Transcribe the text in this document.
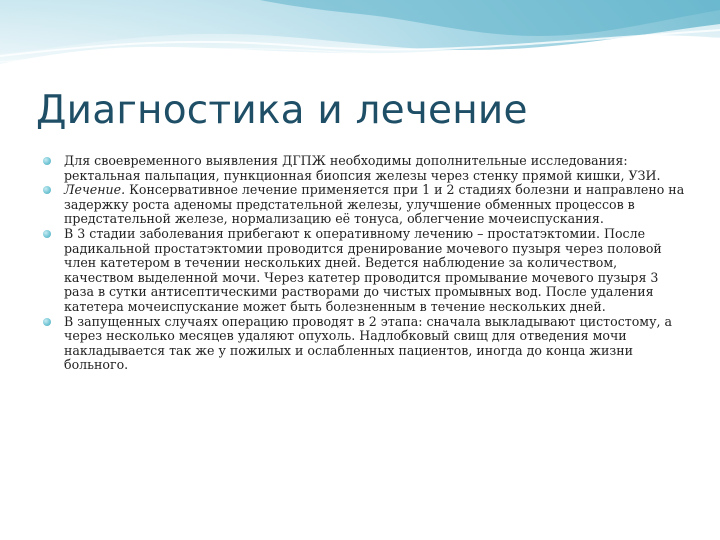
Диагностика и лечение
Для своевременного выявления ДГПЖ необходимы дополнительные исследования: ректальная пальпация, пункционная биопсия железы через стенку прямой кишки, УЗИ.
Лечение. Консервативное лечение применяется при 1 и 2 стадиях болезни и направлено на задержку роста аденомы предстательной железы, улучшение обменных процессов в предстательной железе, нормализацию её тонуса, облегчение мочеиспускания.
В 3 стадии заболевания прибегают к оперативному лечению – простатэктомии. После радикальной простатэктомии проводится дренирование мочевого пузыря через половой член катетером в течении нескольких дней. Ведется наблюдение за количеством, качеством выделенной мочи. Через катетер проводится промывание мочевого пузыря 3 раза в сутки антисептическими растворами до чистых промывных вод. После удаления катетера мочеиспускание может быть болезненным в течение нескольких дней.
В запущенных случаях операцию проводят в 2 этапа: сначала выкладывают цистостому, а через несколько месяцев удаляют опухоль. Надлобковый свищ для отведения мочи накладывается так же у пожилых и ослабленных пациентов, иногда до конца жизни больного.
